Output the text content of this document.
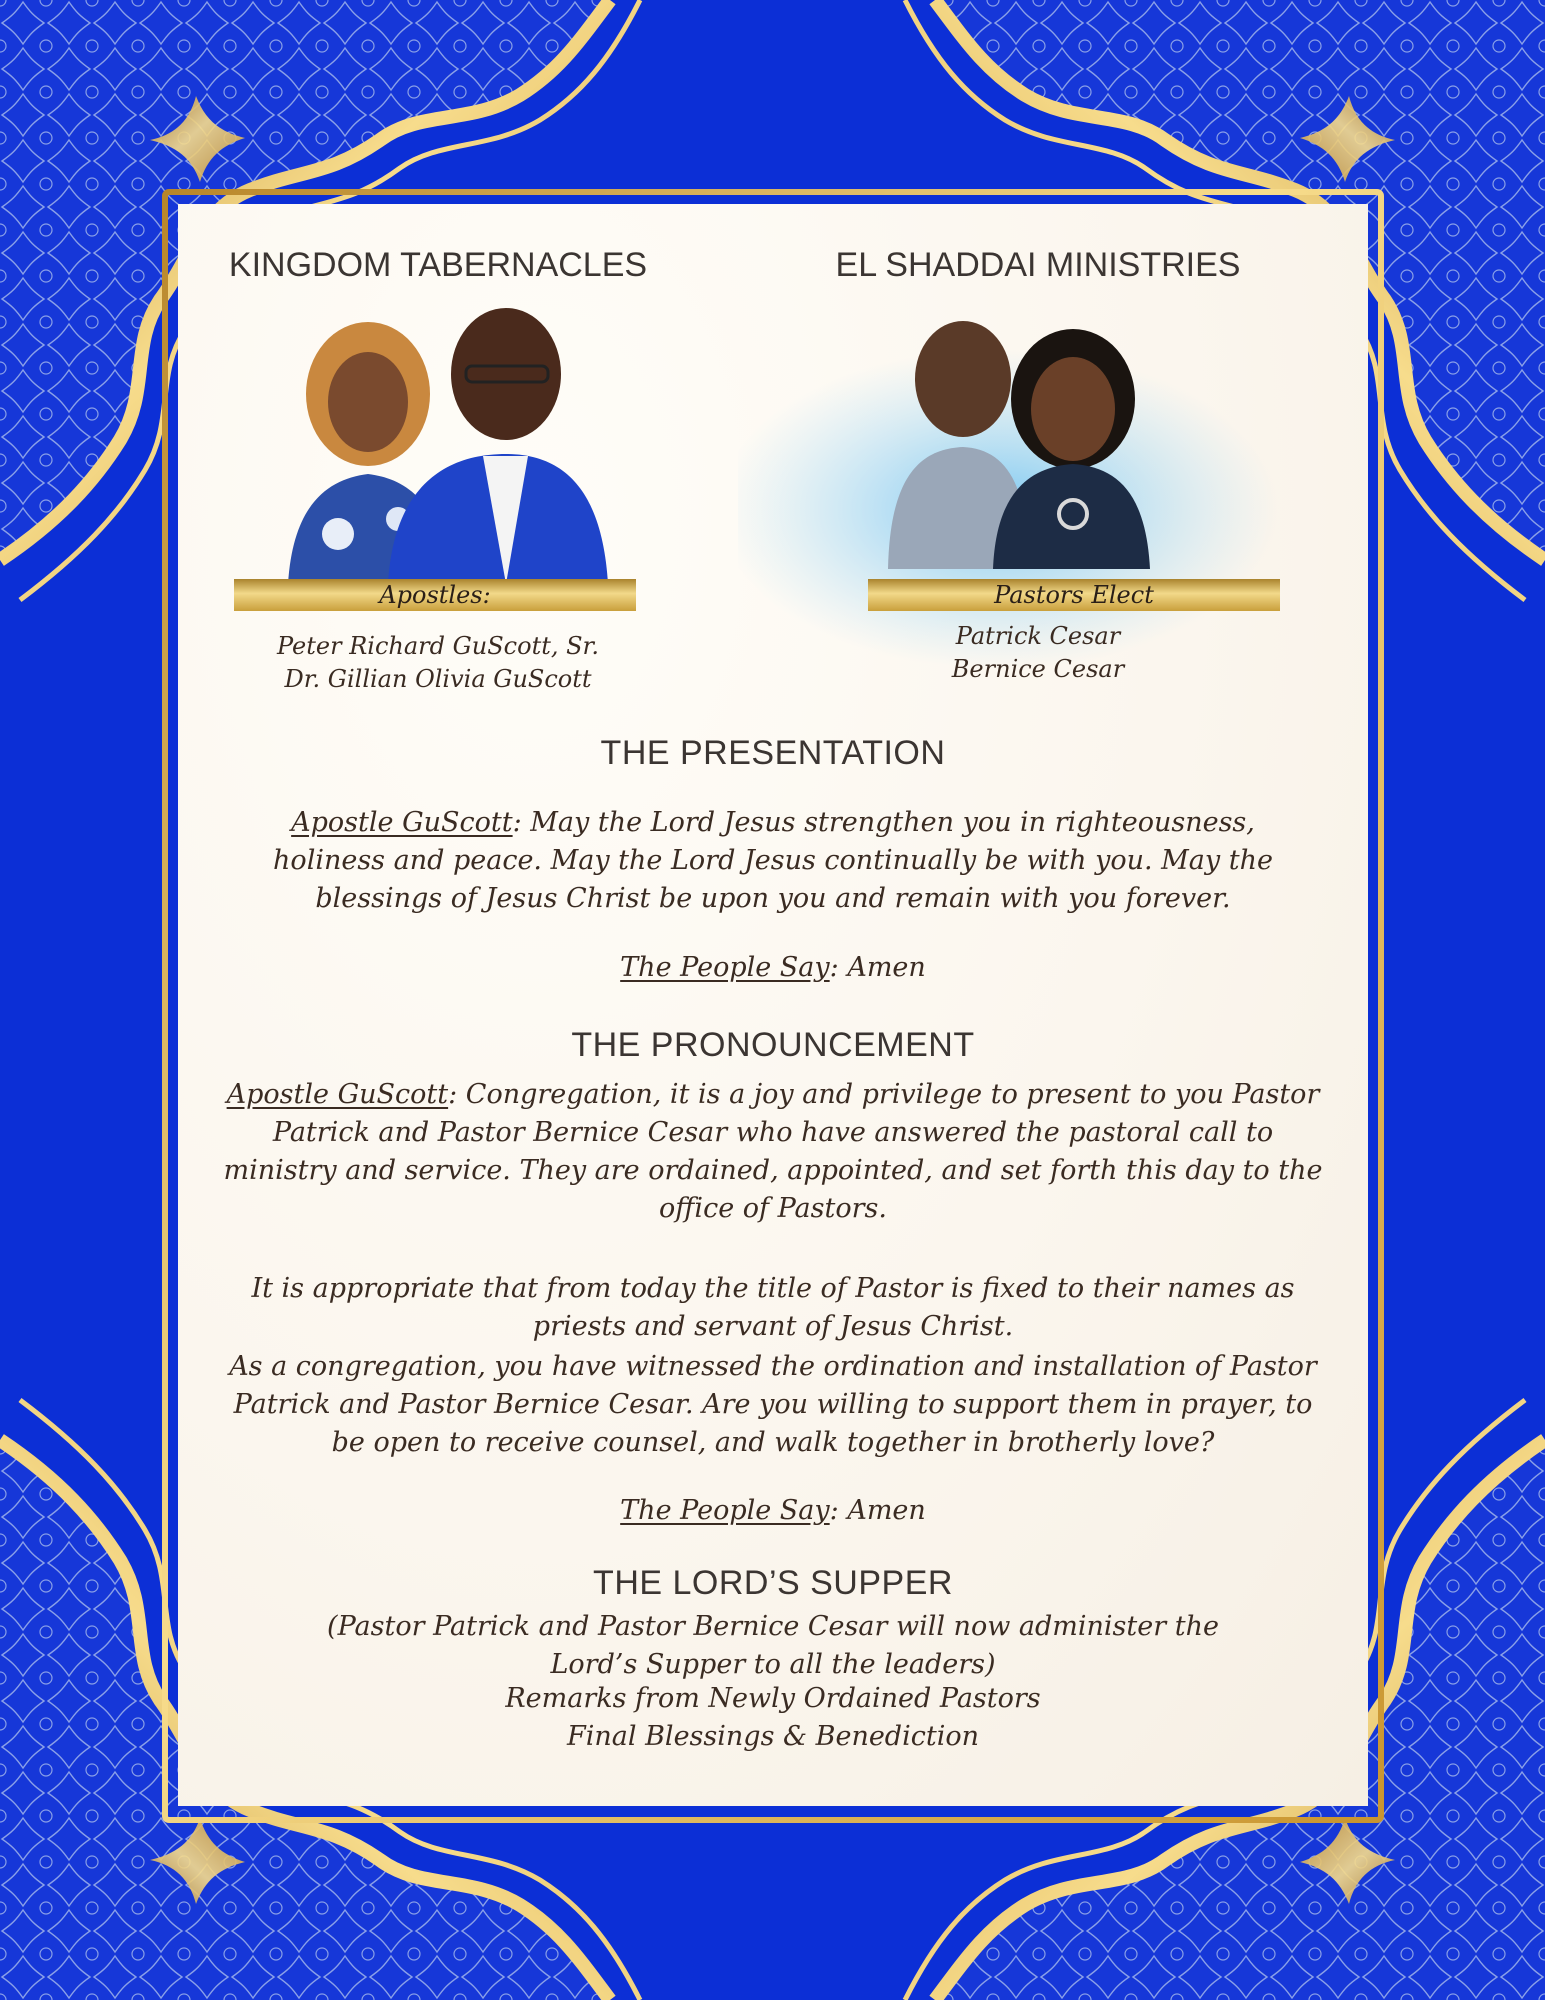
KINGDOM TABERNACLES
Apostles:
Peter Richard GuScott, Sr.
Dr. Gillian Olivia GuScott
EL SHADDAI MINISTRIES
Pastors Elect
Patrick Cesar
Bernice Cesar
THE PRESENTATION
Apostle GuScott: May the Lord Jesus strengthen you in righteousness, holiness and peace. May the Lord Jesus continually be with you. May the blessings of Jesus Christ be upon you and remain with you forever.
The People Say: Amen
THE PRONOUNCEMENT
Apostle GuScott: Congregation, it is a joy and privilege to present to you Pastor Patrick and Pastor Bernice Cesar who have answered the pastoral call to ministry and service. They are ordained, appointed, and set forth this day to the office of Pastors.
It is appropriate that from today the title of Pastor is fixed to their names as priests and servant of Jesus Christ.
As a congregation, you have witnessed the ordination and installation of Pastor Patrick and Pastor Bernice Cesar. Are you willing to support them in prayer, to be open to receive counsel, and walk together in brotherly love?
The People Say: Amen
THE LORD’S SUPPER
(Pastor Patrick and Pastor Bernice Cesar will now administer the Lord’s Supper to all the leaders)
Remarks from Newly Ordained Pastors
Final Blessings & Benediction
